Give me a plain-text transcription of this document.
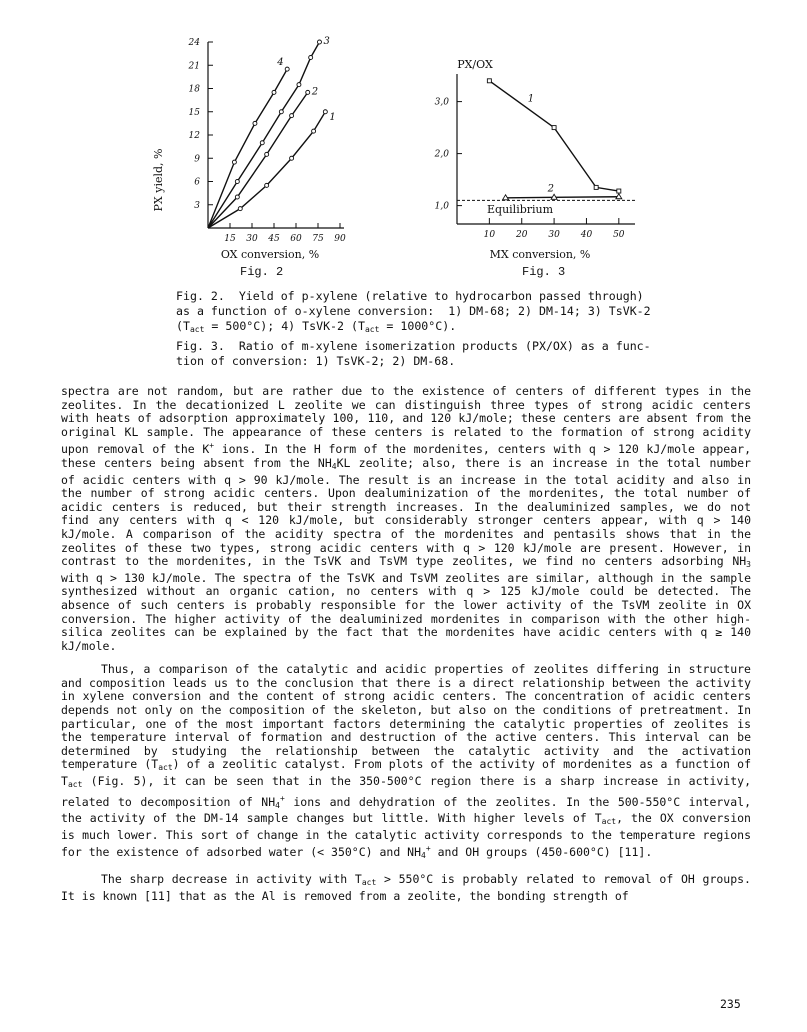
24
21
18
15
12
9
6
3
15 30 45 60 75 90
1
2
3
4
PX yield, %
OX conversion, %
Fig. 2
3,0
2,0
1,0
10 20 30 40 50
1
2
PX/OX
MX conversion, %
Equilibrium
Fig. 3
Fig. 2.  Yield of p-xylene (relative to hydrocarbon passed through)
as a function of o-xylene conversion:  1) DM-68; 2) DM-14; 3) TsVK-2
$(T_{act} = 500^\circ C)$; 4) TsVK-2 $(T_{act} = 1000^\circ C)$.
Fig. 3.  Ratio of m-xylene isomerization products (PX/OX) as a func-
tion of conversion: 1) TsVK-2; 2) DM-68.

spectra are not random, but are rather due to the existence of centers of different types in the zeolites. In the decationized L zeolite we can distinguish three types of strong acidic centers with heats of adsorption approximately 100, 110, and 120 kJ/mole; these centers are absent from the original KL sample. The appearance of these centers is related to the formation of strong acidity upon removal of the K+ ions. In the H form of the mordenites, centers with q > 120 kJ/mole appear, these centers being absent from the $NH_4KL$ zeolite; also, there is an increase in the total number of acidic centers with q > 90 kJ/mole. The result is an increase in the total acidity and also in the number of strong acidic centers. Upon dealuminization of the mordenites, the total number of acidic centers is reduced, but their strength increases. In the dealuminized samples, we do not find any centers with q < 120 kJ/mole, but considerably stronger centers appear, with q > 140 kJ/mole. A comparison of the acidity spectra of the mordenites and pentasils shows that in the zeolites of these two types, strong acidic centers with q > 120 kJ/mole are present. However, in contrast to the mordenites, in the TsVK and TsVM type zeolites, we find no centers adsorbing $NH_3$ with q > 130 kJ/mole. The spectra of the TsVK and TsVM zeolites are similar, although in the sample synthesized without an organic cation, no centers with q > 125 kJ/mole could be detected. The absence of such centers is probably responsible for the lower activity of the TsVM zeolite in OX conversion. The higher activity of the dealuminized mordenites in comparison with the other high-silica zeolites can be explained by the fact that the mordenites have acidic centers with q ≥ 140 kJ/mole.

Thus, a comparison of the catalytic and acidic properties of zeolites differing in structure and composition leads us to the conclusion that there is a direct relationship between the activity in xylene conversion and the content of strong acidic centers. The concentration of acidic centers depends not only on the composition of the skeleton, but also on the conditions of pretreatment. In particular, one of the most important factors determining the catalytic properties of zeolites is the temperature interval of formation and destruction of the active centers. This interval can be determined by studying the relationship between the catalytic activity and the activation temperature $(T_{act})$ of a zeolitic catalyst. From plots of the activity of mordenites as a function of $T_{act}$ (Fig. 5), it can be seen that in the 350-500°C region there is a sharp increase in activity, related to decomposition of $NH_4^+$ ions and dehydration of the zeolites. In the 500-550°C interval, the activity of the DM-14 sample changes but little. With higher levels of $T_{act}$, the OX conversion is much lower. This sort of change in the catalytic activity corresponds to the temperature regions for the existence of adsorbed water (< 350°C) and $NH_4^+$ and OH groups (450-600°C) [11].

The sharp decrease in activity with $T_{act} > 550^\circ C$ is probably related to removal of OH groups. It is known [11] that as the Al is removed from a zeolite, the bonding strength of

235
